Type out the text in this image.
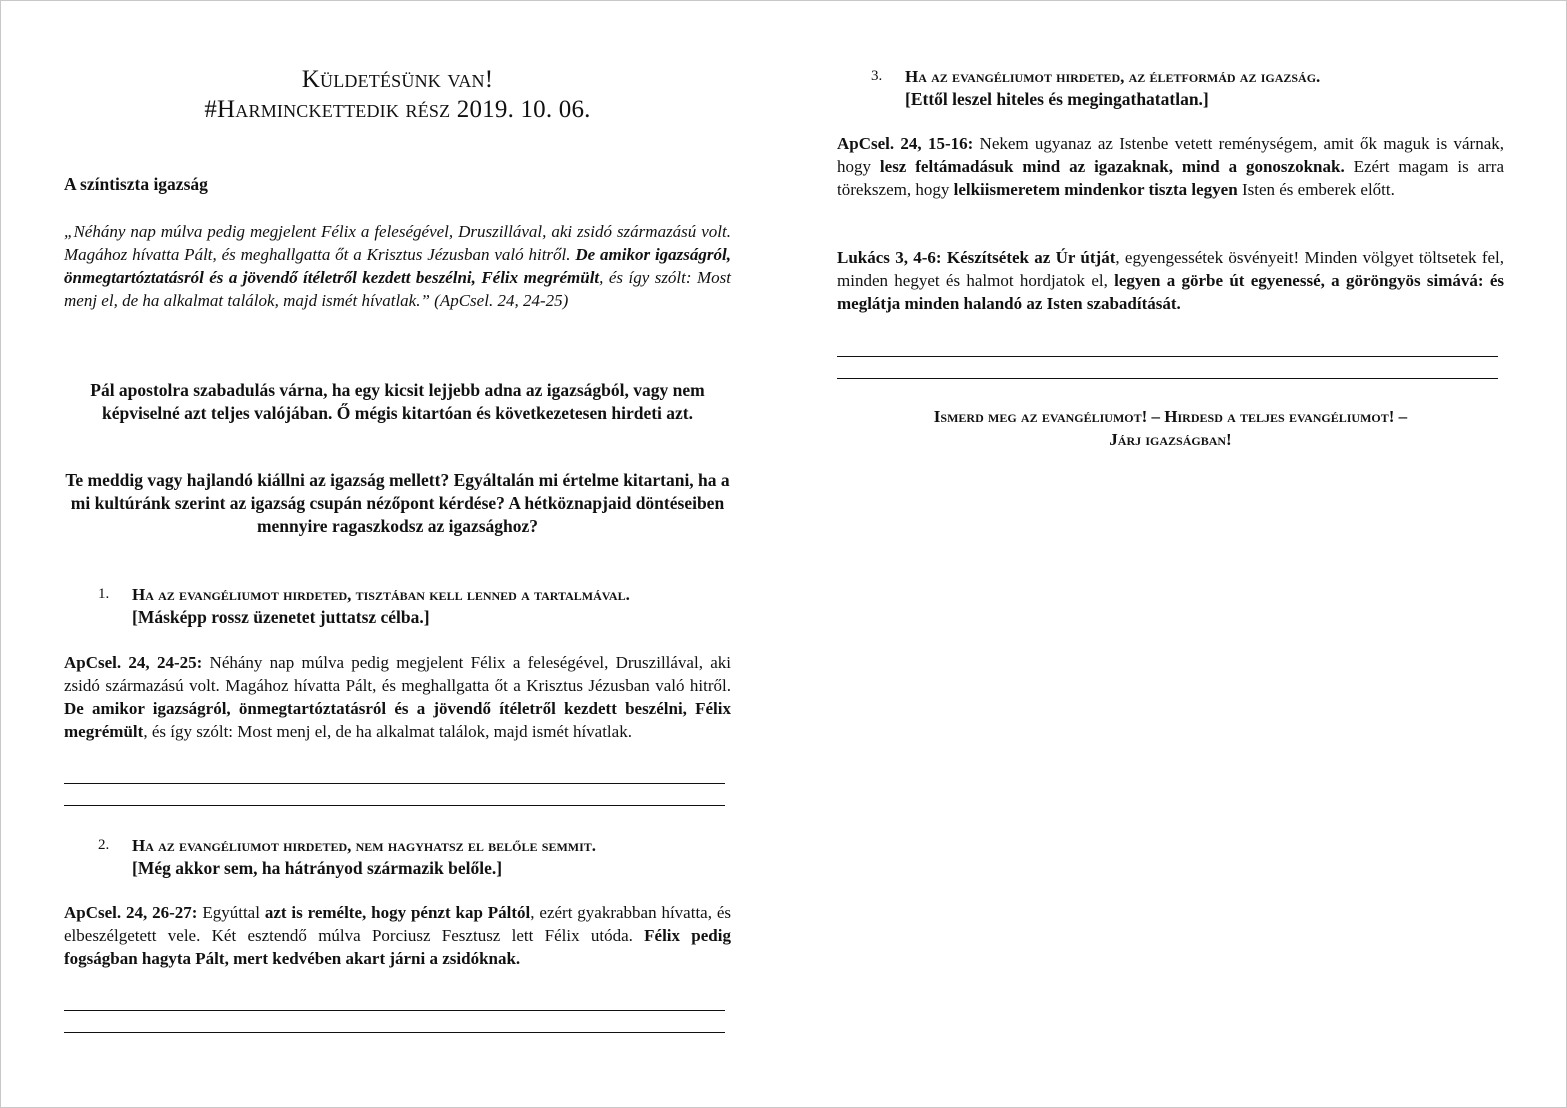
Küldetésünk van!
#Harminckettedik rész 2019. 10. 06.
A színtiszta igazság
„Néhány nap múlva pedig megjelent Félix a feleségével, Druszillával, aki zsidó származású volt. Magához hívatta Pált, és meghallgatta őt a Krisztus Jézusban való hitről. De amikor igazságról, önmegtartóztatásról és a jövendő ítéletről kezdett beszélni, Félix megrémült, és így szólt: Most menj el, de ha alkalmat találok, majd ismét hívatlak.” (ApCsel. 24, 24-25)
Pál apostolra szabadulás várna, ha egy kicsit lejjebb adna az igazságból, vagy nem képviselné azt teljes valójában. Ő mégis kitartóan és következetesen hirdeti azt.
Te meddig vagy hajlandó kiállni az igazság mellett? Egyáltalán mi értelme kitartani, ha a mi kultúránk szerint az igazság csupán nézőpont kérdése? A hétköznapjaid döntéseiben mennyire ragaszkodsz az igazsághoz?
1. Ha az evangéliumot hirdeted, tisztában kell lenned a tartalmával.
[Másképp rossz üzenetet juttatsz célba.]
ApCsel. 24, 24-25: Néhány nap múlva pedig megjelent Félix a feleségével, Druszillával, aki zsidó származású volt. Magához hívatta Pált, és meghallgatta őt a Krisztus Jézusban való hitről. De amikor igazságról, önmegtartóztatásról és a jövendő ítéletről kezdett beszélni, Félix megrémült, és így szólt: Most menj el, de ha alkalmat találok, majd ismét hívatlak.
2. Ha az evangéliumot hirdeted, nem hagyhatsz el belőle semmit.
[Még akkor sem, ha hátrányod származik belőle.]
ApCsel. 24, 26-27: Egyúttal azt is remélte, hogy pénzt kap Páltól, ezért gyakrabban hívatta, és elbeszélgetett vele. Két esztendő múlva Porciusz Fesztusz lett Félix utóda. Félix pedig fogságban hagyta Pált, mert kedvében akart járni a zsidóknak.
3. Ha az evangéliumot hirdeted, az életformád az igazság.
[Ettől leszel hiteles és megingathatatlan.]
ApCsel. 24, 15-16: Nekem ugyanaz az Istenbe vetett reménységem, amit ők maguk is várnak, hogy lesz feltámadásuk mind az igazaknak, mind a gonoszoknak. Ezért magam is arra törekszem, hogy lelkiismeretem mindenkor tiszta legyen Isten és emberek előtt.
Lukács 3, 4-6: Készítsétek az Úr útját, egyengessétek ösvényeit! Minden völgyet töltsetek fel, minden hegyet és halmot hordjatok el, legyen a görbe út egyenessé, a göröngyös simává: és meglátja minden halandó az Isten szabadítását.
Ismerd meg az evangéliumot! – Hirdesd a teljes evangéliumot! –
Járj igazságban!
